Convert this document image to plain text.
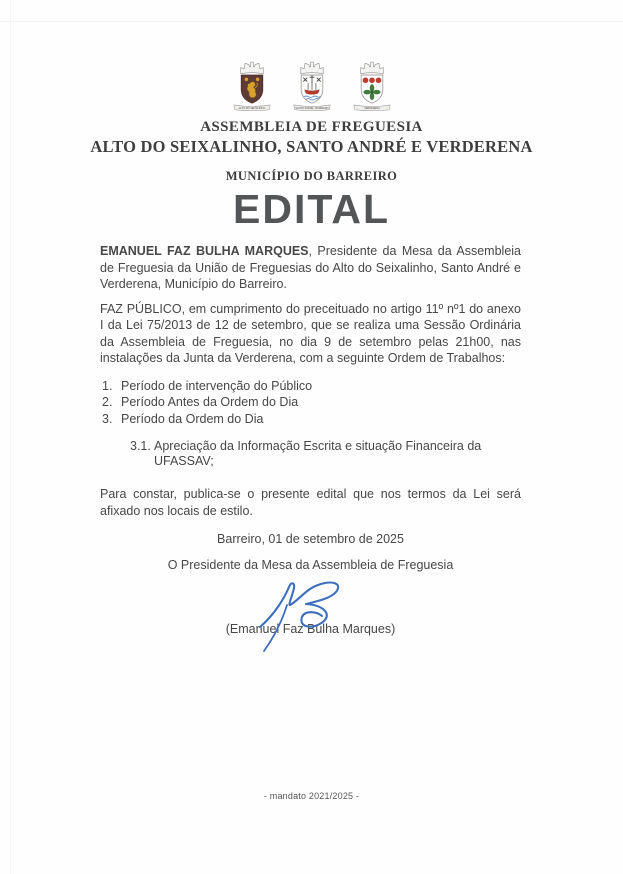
ALTO DO SEIXALINHO	SANTO ANDRÉ - BARREIRO	VERDERENA
ASSEMBLEIA DE FREGUESIA
ALTO DO SEIXALINHO, SANTO ANDRÉ E VERDERENA
MUNICÍPIO DO BARREIRO
EDITAL

EMANUEL FAZ BULHA MARQUES, Presidente da Mesa da Assembleia de Freguesia da União de Freguesias do Alto do Seixalinho, Santo André e Verderena, Município do Barreiro.

FAZ PÚBLICO, em cumprimento do preceituado no artigo 11º nº1 do anexo I da Lei 75/2013 de 12 de setembro, que se realiza uma Sessão Ordinária da Assembleia de Freguesia, no dia 9 de setembro pelas 21h00, nas instalações da Junta da Verderena, com a seguinte Ordem de Trabalhos:

1. Período de intervenção do Público
2. Período Antes da Ordem do Dia
3. Período da Ordem do Dia
3.1. Apreciação da Informação Escrita e situação Financeira da UFASSAV;

Para constar, publica-se o presente edital que nos termos da Lei será afixado nos locais de estilo.

Barreiro, 01 de setembro de 2025
O Presidente da Mesa da Assembleia de Freguesia
(Emanuel Faz Bulha Marques)
- mandato 2021/2025 -
